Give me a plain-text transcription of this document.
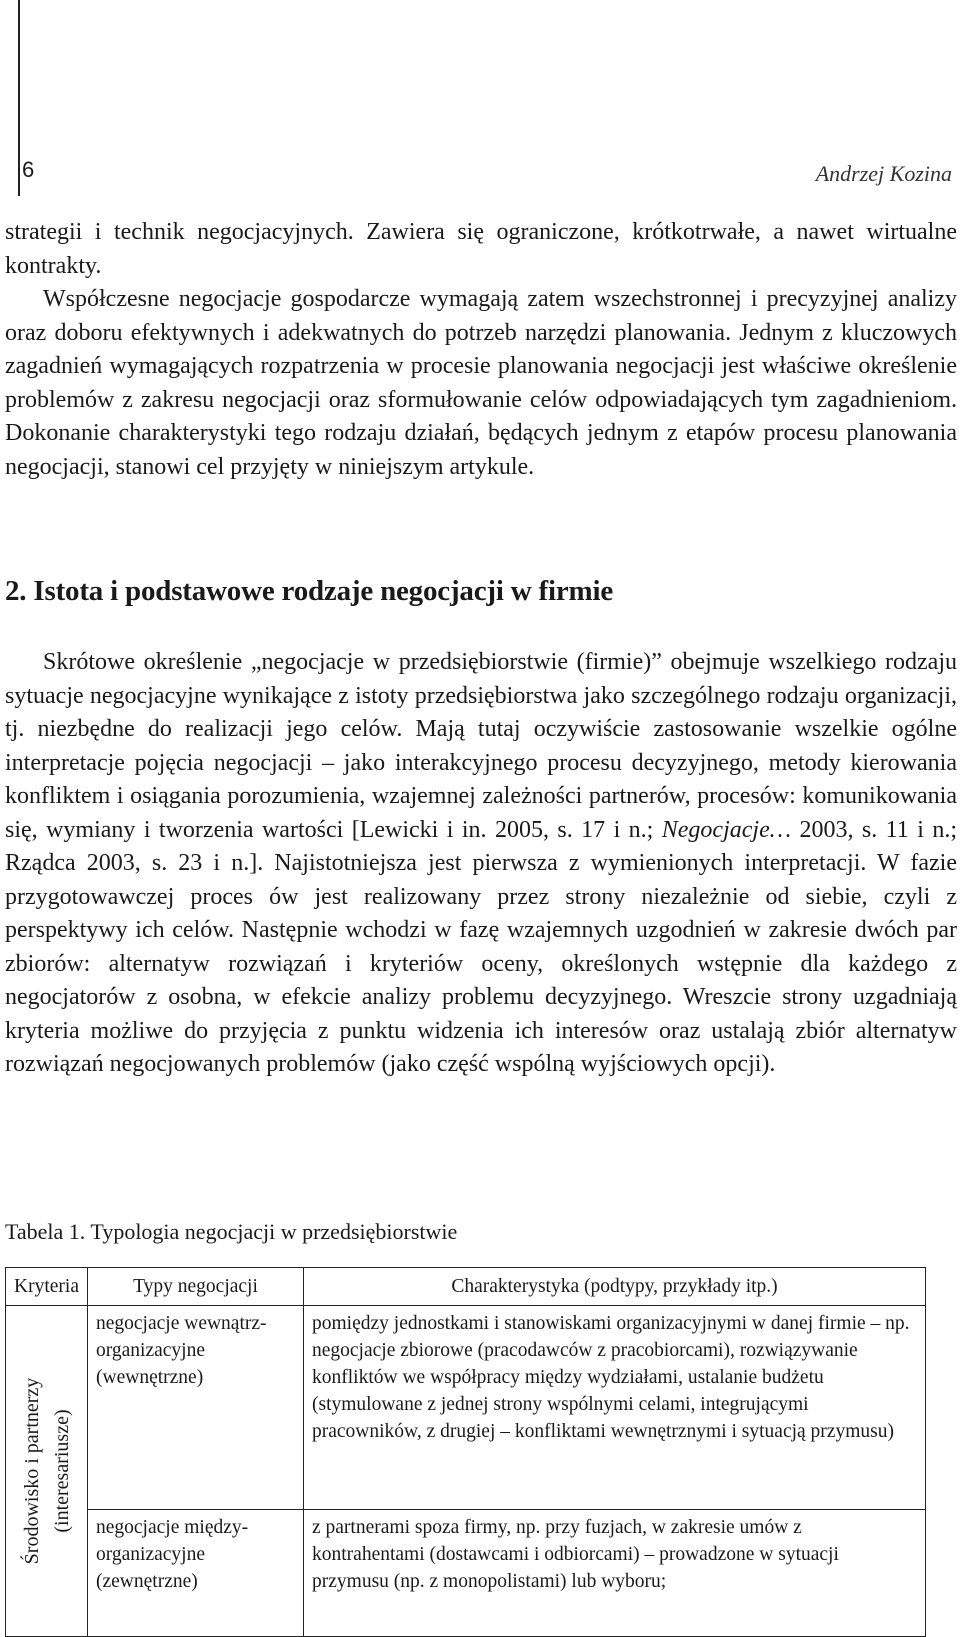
6	Andrzej Kozina

strategii i technik negocjacyjnych. Zawiera się ograniczone, krótkotrwałe, a nawet wirtualne kontrakty.

Współczesne negocjacje gospodarcze wymagają zatem wszechstronnej i precyzyjnej analizy oraz doboru efektywnych i adekwatnych do potrzeb narzędzi planowania. Jednym z kluczowych zagadnień wymagających rozpatrzenia w procesie planowania negocjacji jest właściwe określenie problemów z zakresu negocjacji oraz sformułowanie celów odpowiadających tym zagadnieniom. Dokonanie charakterystyki tego rodzaju działań, będących jednym z etapów procesu planowania negocjacji, stanowi cel przyjęty w niniejszym artykule.

2. Istota i podstawowe rodzaje negocjacji w firmie

Skrótowe określenie „negocjacje w przedsiębiorstwie (firmie)” obejmuje wszelkiego rodzaju sytuacje negocjacyjne wynikające z istoty przedsiębiorstwa jako szczególnego rodzaju organizacji, tj. niezbędne do realizacji jego celów. Mają tutaj oczywiście zastosowanie wszelkie ogólne interpretacje pojęcia negocjacji – jako interakcyjnego procesu decyzyjnego, metody kierowania konfliktem i osiągania porozumienia, wzajemnej zależności partnerów, procesów: komunikowania się, wymiany i tworzenia wartości [Lewicki i in. 2005, s. 17 i n.; Negocjacje… 2003, s. 11 i n.; Rządca 2003, s. 23 i n.]. Najistotniejsza jest pierwsza z wymienionych interpretacji. W fazie przygotowawczej proces ów jest realizowany przez strony niezależnie od siebie, czyli z perspektywy ich celów. Następnie wchodzi w fazę wzajemnych uzgodnień w zakresie dwóch par zbiorów: alternatyw rozwiązań i kryteriów oceny, określonych wstępnie dla każdego z negocjatorów z osobna, w efekcie analizy problemu decyzyjnego. Wreszcie strony uzgadniają kryteria możliwe do przyjęcia z punktu widzenia ich interesów oraz ustalają zbiór alternatyw rozwiązań negocjowanych problemów (jako część wspólną wyjściowych opcji).

Tabela 1. Typologia negocjacji w przedsiębiorstwie

Kryteria	Typy negocjacji	Charakterystyka (podtypy, przykłady itp.)

Środowisko i partnerzy (interesariusze)	negocjacje wewnątrz-organizacyjne (wewnętrzne)	pomiędzy jednostkami i stanowiskami organizacyjnymi w danej firmie – np. negocjacje zbiorowe (pracodawców z pracobiorcami), rozwiązywanie konfliktów we współpracy między wydziałami, ustalanie budżetu (stymulowane z jednej strony wspólnymi celami, integrującymi pracowników, z drugiej – konfliktami wewnętrznymi i sytuacją przymusu)
	negocjacje między-organizacyjne (zewnętrzne)	z partnerami spoza firmy, np. przy fuzjach, w zakresie umów z kontrahentami (dostawcami i odbiorcami) – prowadzone w sytuacji przymusu (np. z monopolistami) lub wyboru;
